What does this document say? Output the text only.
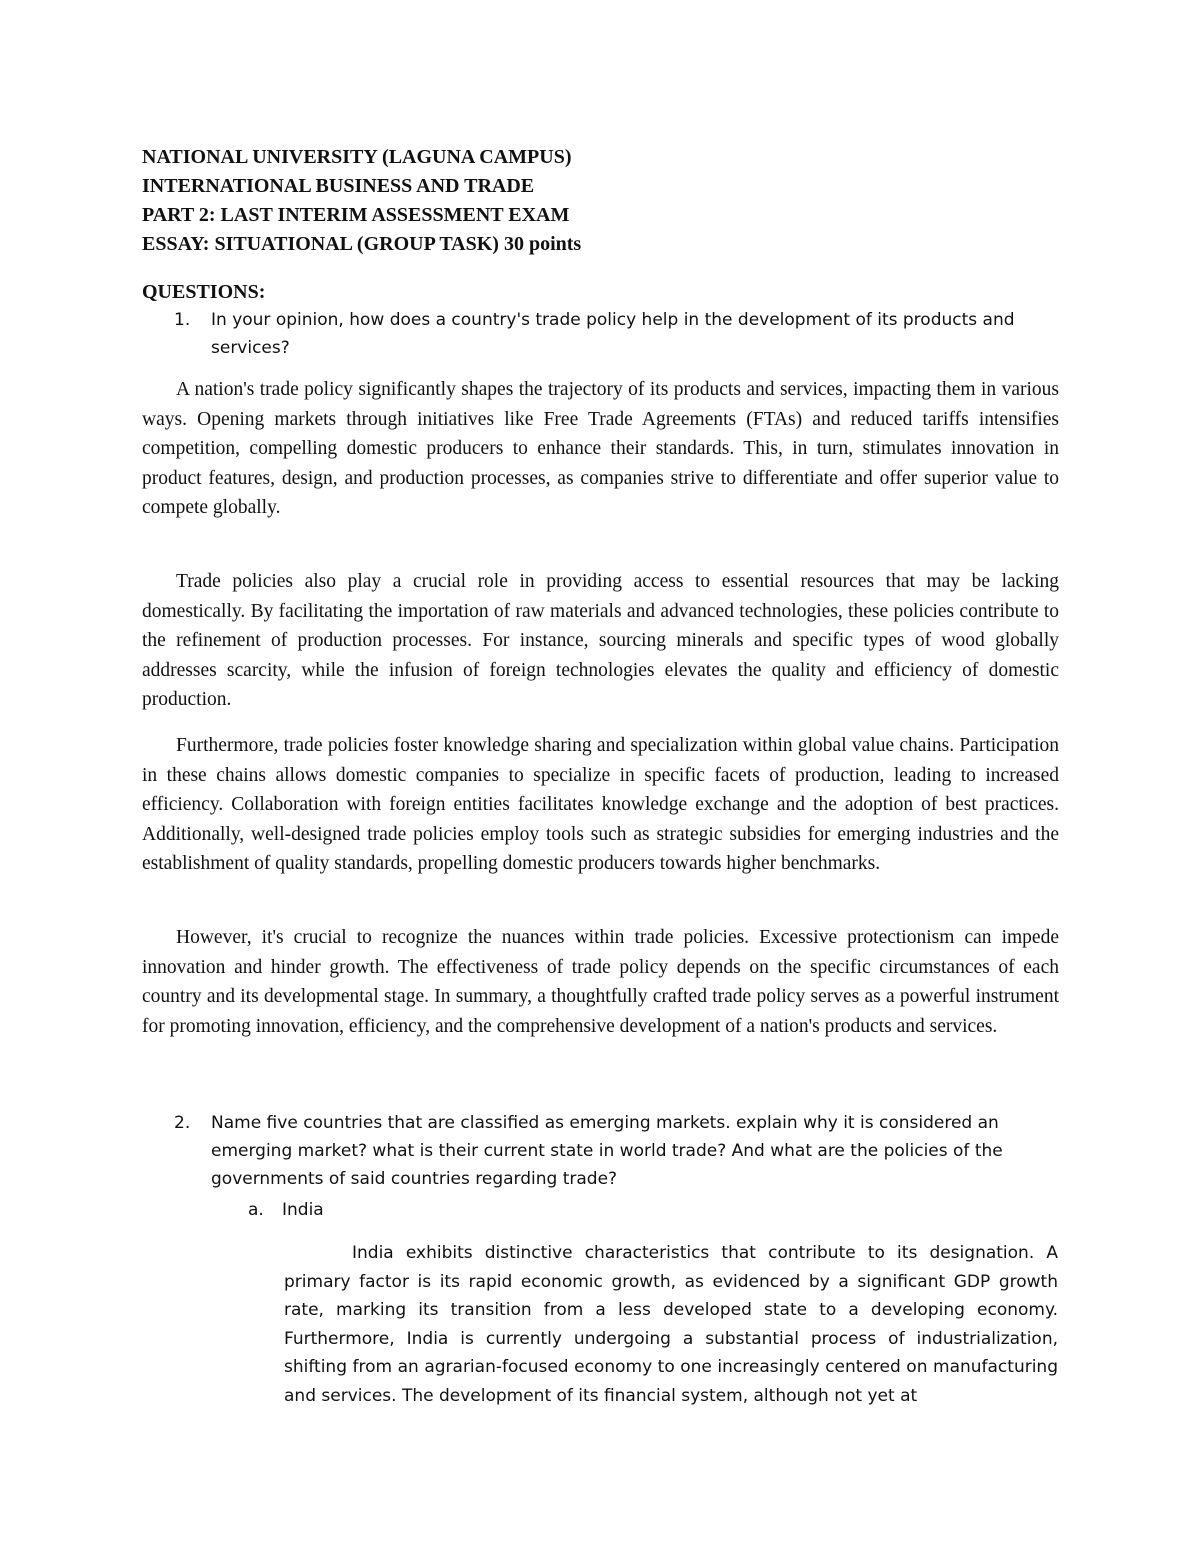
NATIONAL UNIVERSITY (LAGUNA CAMPUS)
INTERNATIONAL BUSINESS AND TRADE
PART 2: LAST INTERIM ASSESSMENT EXAM
ESSAY: SITUATIONAL (GROUP TASK) 30 points
QUESTIONS:
1. In your opinion, how does a country's trade policy help in the development of its products and services?

A nation's trade policy significantly shapes the trajectory of its products and services, impacting them in various ways. Opening markets through initiatives like Free Trade Agreements (FTAs) and reduced tariffs intensifies competition, compelling domestic producers to enhance their standards. This, in turn, stimulates innovation in product features, design, and production processes, as companies strive to differentiate and offer superior value to compete globally.

Trade policies also play a crucial role in providing access to essential resources that may be lacking domestically. By facilitating the importation of raw materials and advanced technologies, these policies contribute to the refinement of production processes. For instance, sourcing minerals and specific types of wood globally addresses scarcity, while the infusion of foreign technologies elevates the quality and efficiency of domestic production.

Furthermore, trade policies foster knowledge sharing and specialization within global value chains. Participation in these chains allows domestic companies to specialize in specific facets of production, leading to increased efficiency. Collaboration with foreign entities facilitates knowledge exchange and the adoption of best practices. Additionally, well-designed trade policies employ tools such as strategic subsidies for emerging industries and the establishment of quality standards, propelling domestic producers towards higher benchmarks.

However, it's crucial to recognize the nuances within trade policies. Excessive protectionism can impede innovation and hinder growth. The effectiveness of trade policy depends on the specific circumstances of each country and its developmental stage. In summary, a thoughtfully crafted trade policy serves as a powerful instrument for promoting innovation, efficiency, and the comprehensive development of a nation's products and services.

2. Name five countries that are classified as emerging markets. explain why it is considered an emerging market? what is their current state in world trade? And what are the policies of the governments of said countries regarding trade?
a. India

India exhibits distinctive characteristics that contribute to its designation. A primary factor is its rapid economic growth, as evidenced by a significant GDP growth rate, marking its transition from a less developed state to a developing economy. Furthermore, India is currently undergoing a substantial process of industrialization, shifting from an agrarian-focused economy to one increasingly centered on manufacturing and services. The development of its financial system, although not yet at
